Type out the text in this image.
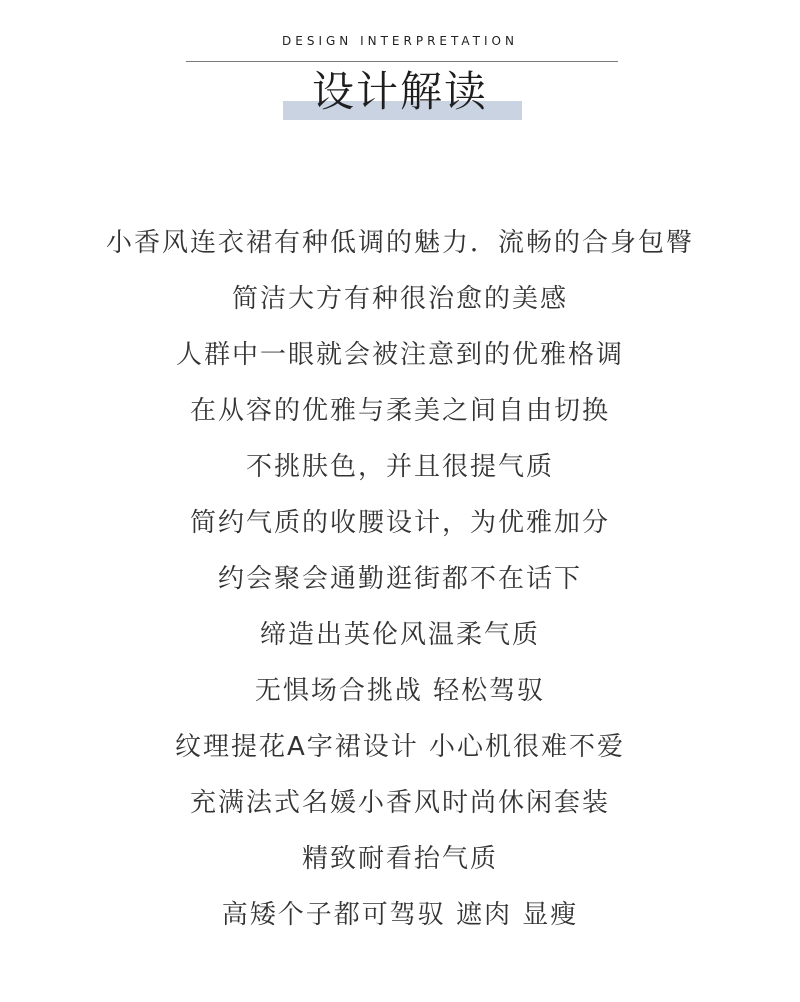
DESIGN INTERPRETATION
设计解读
小香风连衣裙有种低调的魅力．流畅的合身包臀
简洁大方有种很治愈的美感
人群中一眼就会被注意到的优雅格调
在从容的优雅与柔美之间自由切换
不挑肤色，并且很提气质
简约气质的收腰设计，为优雅加分
约会聚会通勤逛街都不在话下
缔造出英伦风温柔气质
无惧场合挑战 轻松驾驭
纹理提花A字裙设计 小心机很难不爱
充满法式名媛小香风时尚休闲套装
精致耐看抬气质
高矮个子都可驾驭 遮肉 显瘦
